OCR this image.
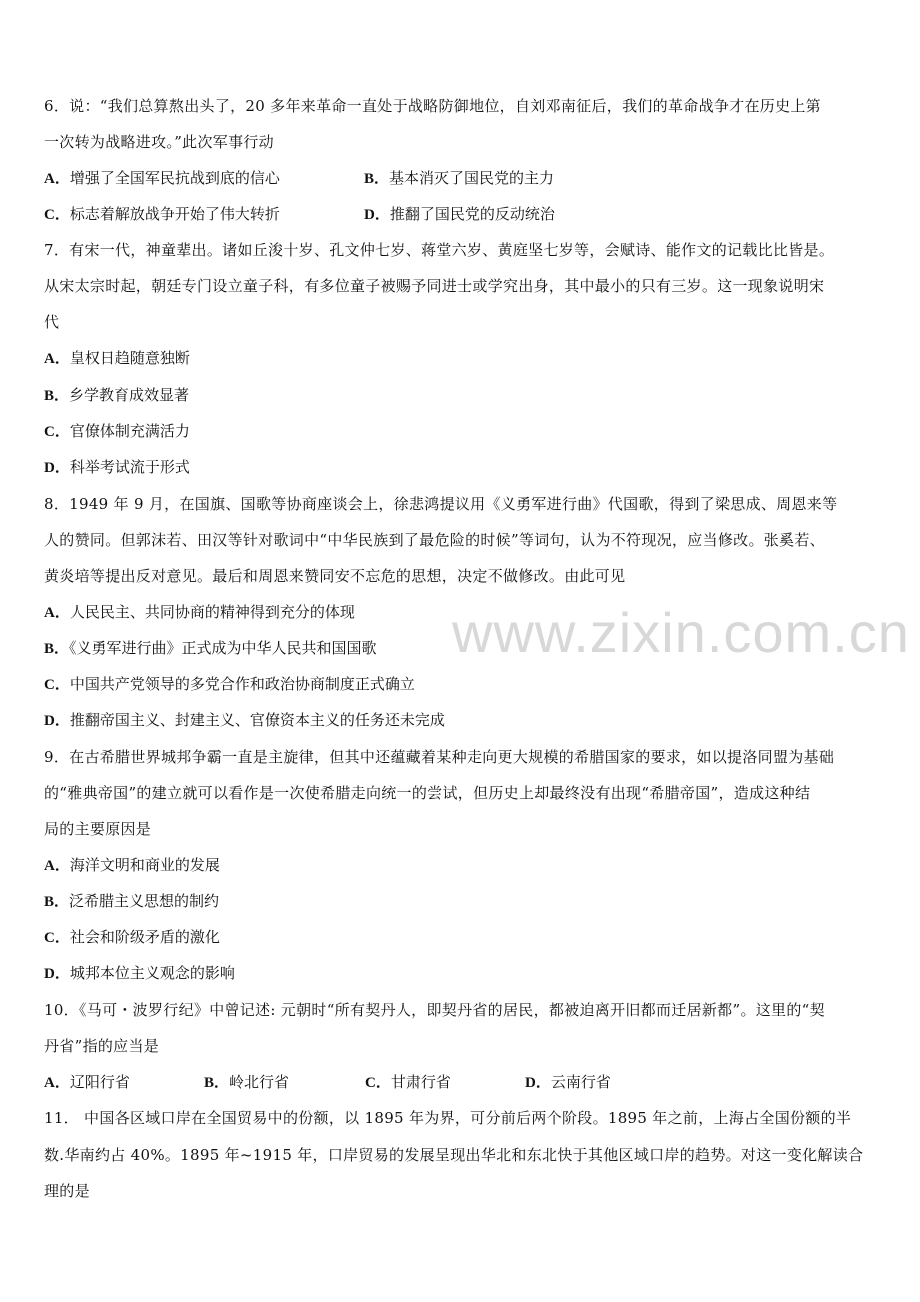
www.zixin.com.cn
6．说：“我们总算熬出头了，20 多年来革命一直处于战略防御地位，自刘邓南征后，我们的革命战争才在历史上第
一次转为战略进攻。”此次军事行动
A．增强了全国军民抗战到底的信心	B．基本消灭了国民党的主力
C．标志着解放战争开始了伟大转折	D．推翻了国民党的反动统治
7．有宋一代，神童辈出。诸如丘浚十岁、孔文仲七岁、蒋堂六岁、黄庭坚七岁等，会赋诗、能作文的记载比比皆是。
从宋太宗时起，朝廷专门设立童子科，有多位童子被赐予同进士或学究出身，其中最小的只有三岁。这一现象说明宋
代
A．皇权日趋随意独断
B．乡学教育成效显著
C．官僚体制充满活力
D．科举考试流于形式
8．1949 年 9 月，在国旗、国歌等协商座谈会上，徐悲鸿提议用《义勇军进行曲》代国歌，得到了梁思成、周恩来等
人的赞同。但郭沫若、田汉等针对歌词中“中华民族到了最危险的时候”等词句，认为不符现况，应当修改。张奚若、
黄炎培等提出反对意见。最后和周恩来赞同安不忘危的思想，决定不做修改。由此可见
A．人民民主、共同协商的精神得到充分的体现
B．《义勇军进行曲》正式成为中华人民共和国国歌
C．中国共产党领导的多党合作和政治协商制度正式确立
D．推翻帝国主义、封建主义、官僚资本主义的任务还未完成
9．在古希腊世界城邦争霸一直是主旋律，但其中还蕴藏着某种走向更大规模的希腊国家的要求，如以提洛同盟为基础
的“雅典帝国”的建立就可以看作是一次使希腊走向统一的尝试，但历史上却最终没有出现“希腊帝国”，造成这种结
局的主要原因是
A．海洋文明和商业的发展
B．泛希腊主义思想的制约
C．社会和阶级矛盾的激化
D．城邦本位主义观念的影响
10．《马可・波罗行纪》中曾记述: 元朝时“所有契丹人，即契丹省的居民，都被迫离开旧都而迁居新都”。这里的“契
丹省”指的应当是
A．辽阳行省	B．岭北行省	C．甘肃行省	D．云南行省
11． 中国各区域口岸在全国贸易中的份额，以 1895 年为界，可分前后两个阶段。1895 年之前，上海占全国份额的半
数.华南约占 40%。1895 年~1915 年，口岸贸易的发展呈现出华北和东北快于其他区域口岸的趋势。对这一变化解读合
理的是
